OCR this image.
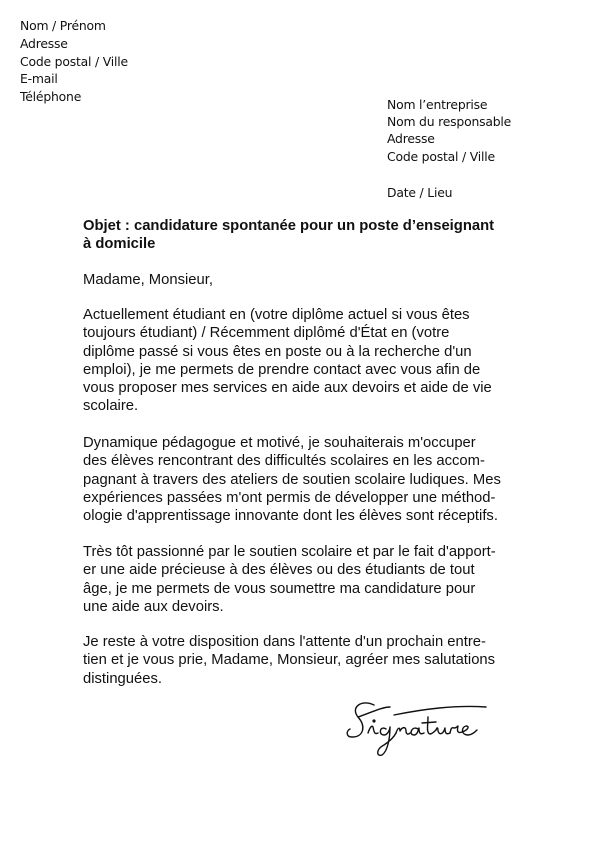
Nom / Prénom
Adresse
Code postal / Ville
E-mail
Téléphone
Nom l’entreprise
Nom du responsable
Adresse
Code postal / Ville
Date / Lieu

Objet : candidature spontanée pour un poste d’enseignant
à domicile

Madame, Monsieur,

Actuellement étudiant en (votre diplôme actuel si vous êtes
toujours étudiant) / Récemment diplômé d'État en (votre
diplôme passé si vous êtes en poste ou à la recherche d'un
emploi), je me permets de prendre contact avec vous afin de
vous proposer mes services en aide aux devoirs et aide de vie
scolaire.

Dynamique pédagogue et motivé, je souhaiterais m'occuper
des élèves rencontrant des difficultés scolaires en les accom-
pagnant à travers des ateliers de soutien scolaire ludiques. Mes
expériences passées m'ont permis de développer une méthod-
ologie d'apprentissage innovante dont les élèves sont réceptifs.

Très tôt passionné par le soutien scolaire et par le fait d'apport-
er une aide précieuse à des élèves ou des étudiants de tout
âge, je me permets de vous soumettre ma candidature pour
une aide aux devoirs.

Je reste à votre disposition dans l'attente d'un prochain entre-
tien et je vous prie, Madame, Monsieur, agréer mes salutations
distinguées.
